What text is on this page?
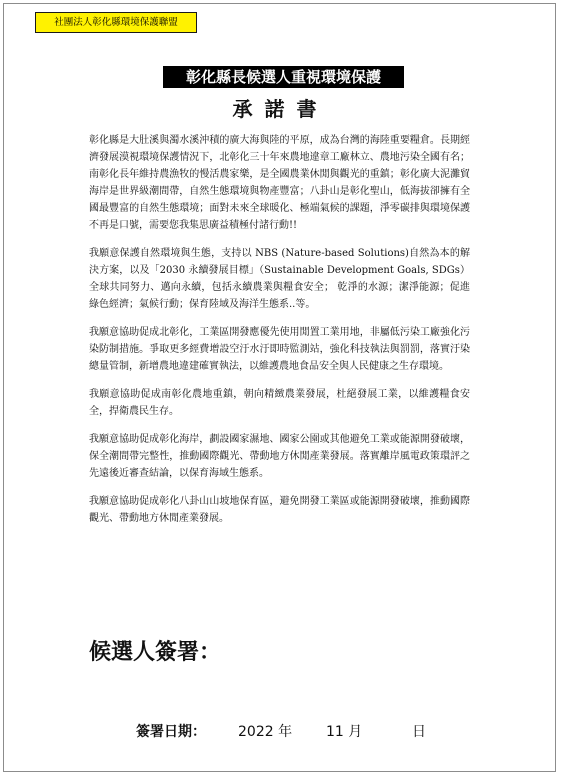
社團法人彰化縣環境保護聯盟
彰化縣長候選人重視環境保護
承諾書

彰化縣是大肚溪與濁水溪沖積的廣大海與陸的平原，成為台灣的海陸重要糧倉。長期經濟發展漠視環境保護情況下，北彰化三十年來農地違章工廠林立、農地污染全國有名；南彰化長年維持農漁牧的慢活農家樂，是全國農業休閒與觀光的重鎮；彰化廣大泥灘貿海岸是世界級潮間帶，自然生態環境與物產豐富；八卦山是彰化聖山，低海拔卻擁有全國最豐富的自然生態環境；面對未來全球暖化、極端氣候的課題，淨零碳排與環境保護不再是口號，需要您我集思廣益積極付諸行動!!

我願意保護自然環境與生態，支持以 NBS (Nature-based Solutions)自然為本的解決方案，以及「2030 永續發展目標」（Sustainable Development Goals, SDGs）全球共同努力、邁向永續，包括永續農業與糧食安全； 乾淨的水源；潔淨能源；促進綠色經濟；氣候行動；保育陸域及海洋生態系..等。

我願意協助促成北彰化，工業區開發應優先使用閒置工業用地，非屬低污染工廠強化污染防制措施。爭取更多經費增設空汙水汙即時監測站，強化科技執法與罰罰，落實汙染總量管制，新增農地違建確實執法，以維護農地食品安全與人民健康之生存環境。

我願意協助促成南彰化農地重鎮，朝向精緻農業發展，杜絕發展工業，以維護糧食安全，捍衛農民生存。

我願意協助促成彰化海岸，劃設國家濕地、國家公園或其他避免工業或能源開發破壞，保全潮間帶完整性，推動國際觀光、帶動地方休閒產業發展。落實離岸風電政策環評之先遠後近審查結論，以保育海域生態系。

我願意協助促成彰化八卦山山坡地保育區，避免開發工業區或能源開發破壞，推動國際觀光、帶動地方休閒產業發展。

候選人簽署：
簽署日期： 2022 年 11 月	日
